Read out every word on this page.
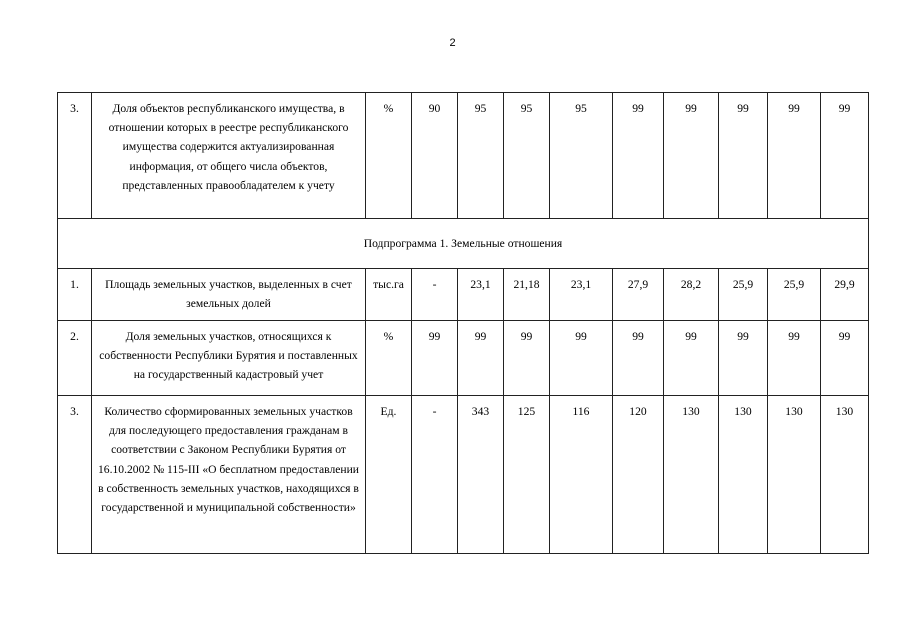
2
3.	Доля объектов республиканского имущества, в отношении которых в реестре республиканского имущества содержится актуализированная информация, от общего числа объектов, представленных правообладателем к учету	%	90	95	95	95	99	99	99	99	99
Подпрограмма 1. Земельные отношения											
1.	Площадь земельных участков, выделенных в счет земельных долей	тыс.га	-	23,1	21,18	23,1	27,9	28,2	25,9	25,9	29,9
2.	Доля земельных участков, относящихся к собственности Республики Бурятия и поставленных на государственный кадастровый учет	%	99	99	99	99	99	99	99	99	99
3.	Количество сформированных земельных участков для последующего предоставления гражданам в соответствии с Законом Республики Бурятия от 16.10.2002 № 115-III «О бесплатном предоставлении в собственность земельных участков, находящихся в государственной и муниципальной собственности»	Ед.	-	343	125	116	120	130	130	130	130
